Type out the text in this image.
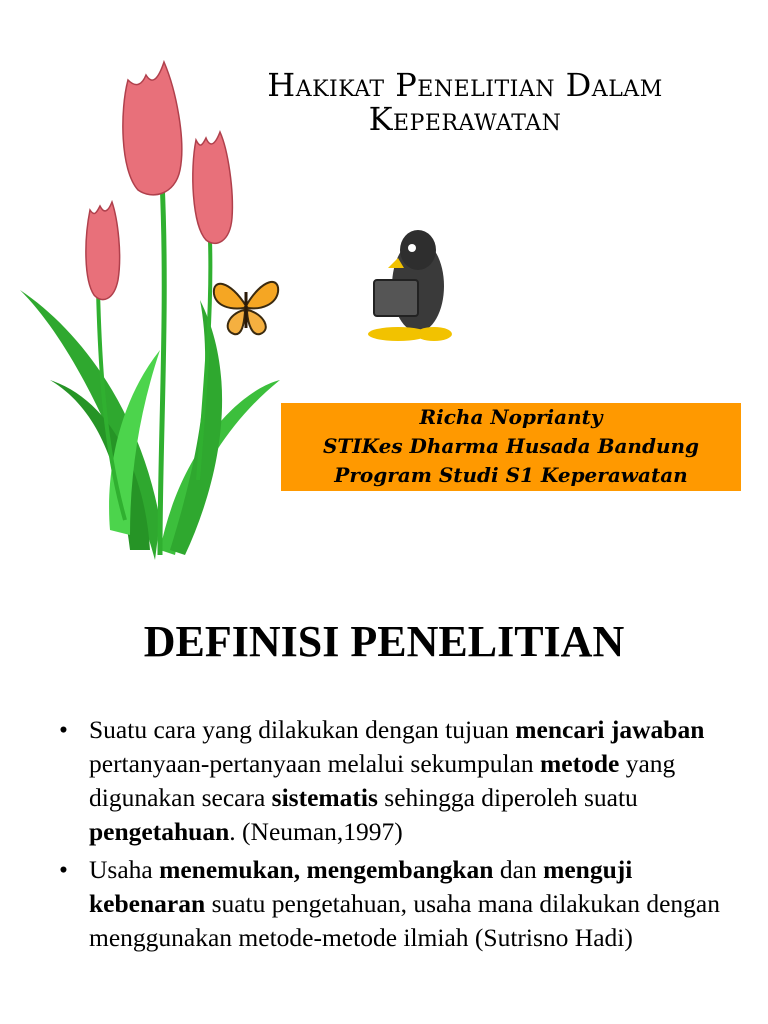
Hakikat Penelitian Dalam
Keperawatan
Richa Noprianty
STIKes Dharma Husada Bandung
Program Studi S1 Keperawatan
DEFINISI PENELITIAN
• Suatu cara yang dilakukan dengan tujuan mencari jawaban pertanyaan-pertanyaan melalui sekumpulan metode yang digunakan secara sistematis sehingga diperoleh suatu pengetahuan. (Neuman,1997)
• Usaha menemukan, mengembangkan dan menguji kebenaran suatu pengetahuan, usaha mana dilakukan dengan menggunakan metode-metode ilmiah (Sutrisno Hadi)
